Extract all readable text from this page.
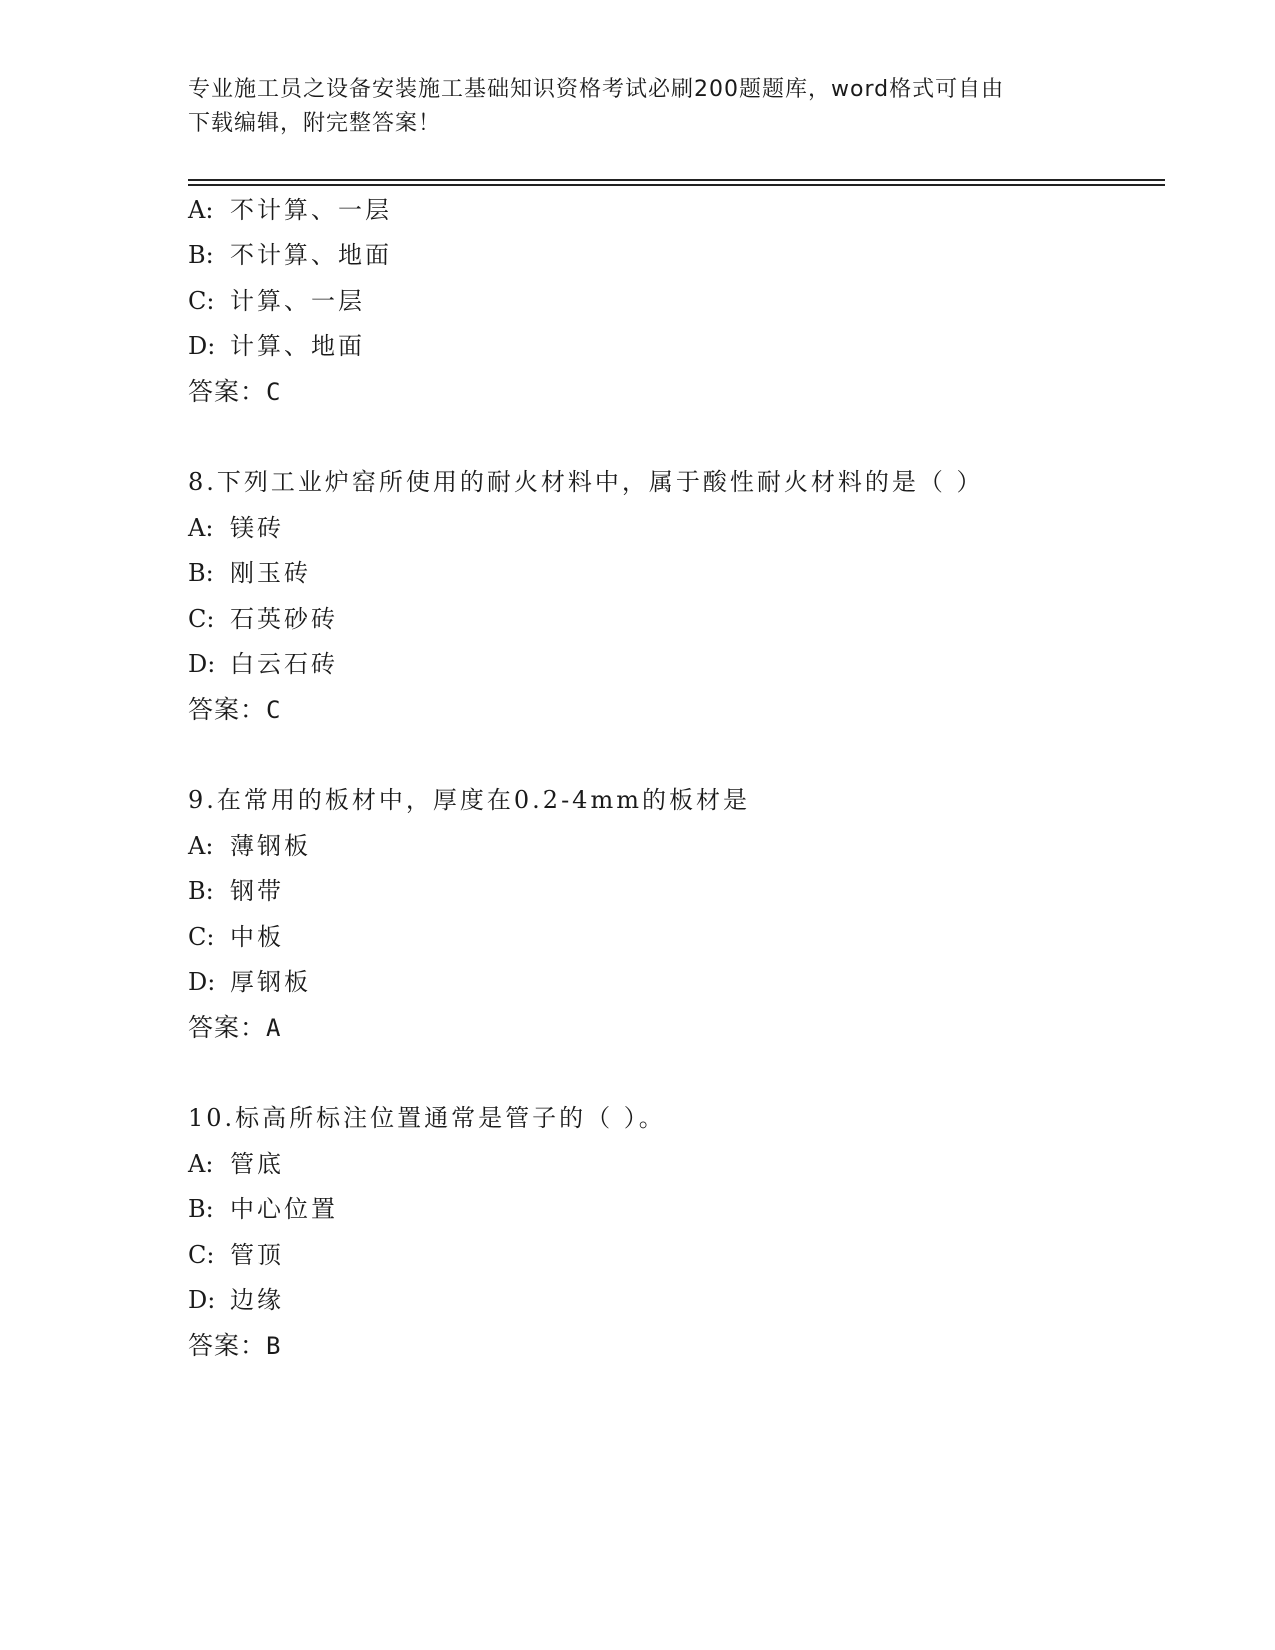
专业施工员之设备安装施工基础知识资格考试必刷200题题库，word格式可自由
下载编辑，附完整答案！
A: 不计算、一层
B: 不计算、地面
C: 计算、一层
D: 计算、地面
答案：C
8.下列工业炉窑所使用的耐火材料中，属于酸性耐火材料的是（ ）
A: 镁砖
B: 刚玉砖
C: 石英砂砖
D: 白云石砖
答案：C
9.在常用的板材中，厚度在0.2-4mm的板材是
A: 薄钢板
B: 钢带
C: 中板
D: 厚钢板
答案：A
10.标高所标注位置通常是管子的（ ）。
A: 管底
B: 中心位置
C: 管顶
D: 边缘
答案：B
